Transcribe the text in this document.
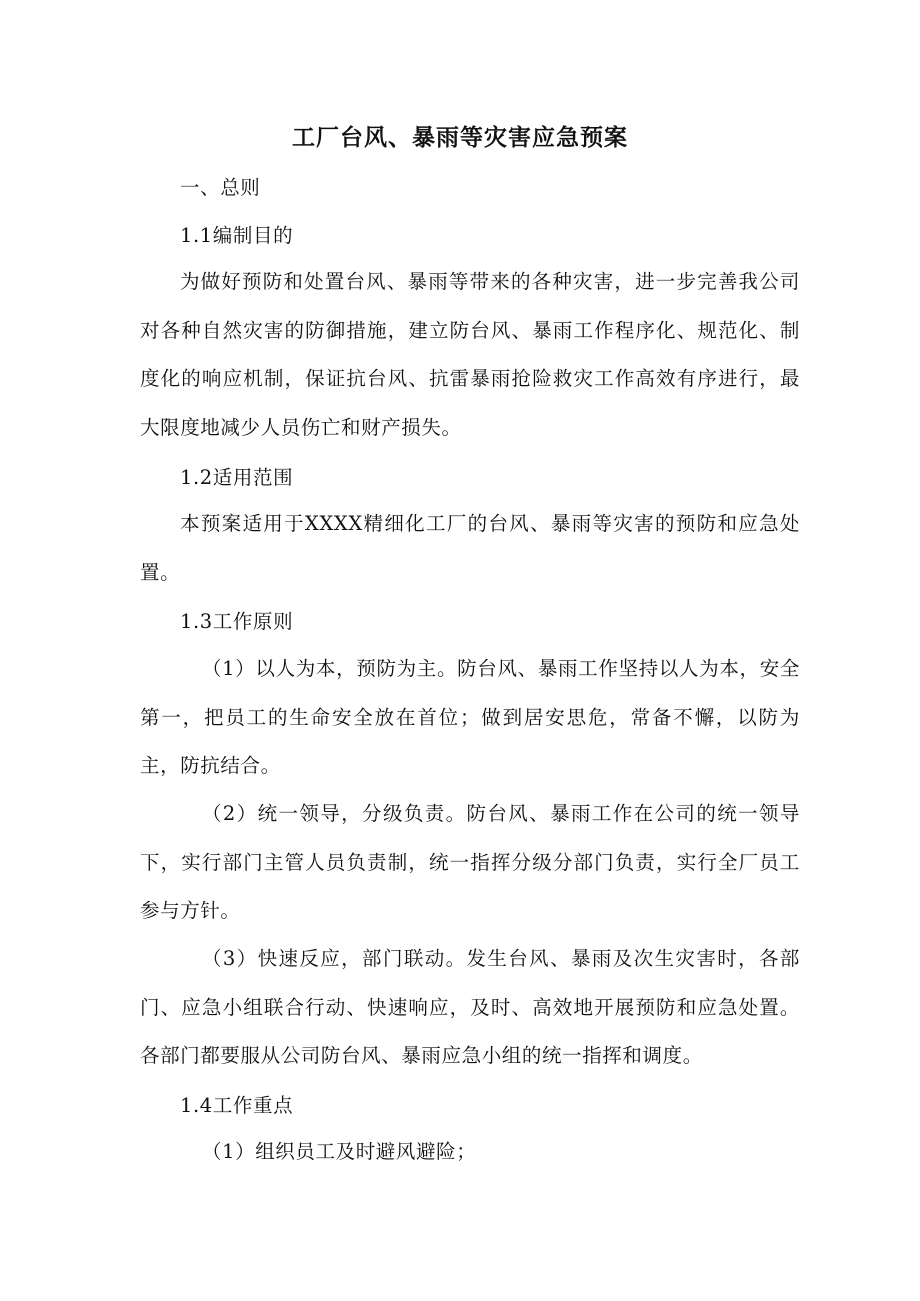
工厂台风、暴雨等灾害应急预案

一、总则

1.1编制目的

为做好预防和处置台风、暴雨等带来的各种灾害，进一步完善我公司对各种自然灾害的防御措施，建立防台风、暴雨工作程序化、规范化、制度化的响应机制，保证抗台风、抗雷暴雨抢险救灾工作高效有序进行，最大限度地减少人员伤亡和财产损失。

1.2适用范围

本预案适用于XXXX精细化工厂的台风、暴雨等灾害的预防和应急处置。

1.3工作原则

（1）以人为本，预防为主。防台风、暴雨工作坚持以人为本，安全第一，把员工的生命安全放在首位；做到居安思危，常备不懈，以防为主，防抗结合。

（2）统一领导，分级负责。防台风、暴雨工作在公司的统一领导下，实行部门主管人员负责制，统一指挥分级分部门负责，实行全厂员工参与方针。

（3）快速反应，部门联动。发生台风、暴雨及次生灾害时，各部门、应急小组联合行动、快速响应，及时、高效地开展预防和应急处置。各部门都要服从公司防台风、暴雨应急小组的统一指挥和调度。

1.4工作重点

（1）组织员工及时避风避险；
